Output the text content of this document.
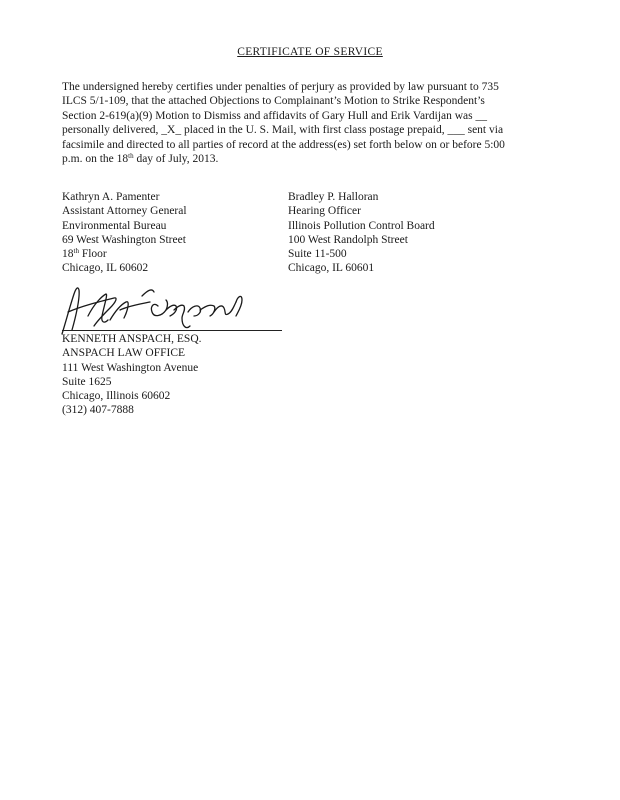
CERTIFICATE OF SERVICE
The undersigned hereby certifies under penalties of perjury as provided by law pursuant to 735
ILCS 5/1-109, that the attached Objections to Complainant’s Motion to Strike Respondent’s
Section 2-619(a)(9) Motion to Dismiss and affidavits of Gary Hull and Erik Vardijan was __
personally delivered, _X_ placed in the U. S. Mail, with first class postage prepaid, ___ sent via
facsimile and directed to all parties of record at the address(es) set forth below on or before 5:00
p.m. on the 18th day of July, 2013.
Kathryn A. Pamenter
Assistant Attorney General
Environmental Bureau
69 West Washington Street
18th Floor
Chicago, IL 60602
Bradley P. Halloran
Hearing Officer
Illinois Pollution Control Board
100 West Randolph Street
Suite 11-500
Chicago, IL 60601
KENNETH ANSPACH, ESQ.
ANSPACH LAW OFFICE
111 West Washington Avenue
Suite 1625
Chicago, Illinois 60602
(312) 407-7888
